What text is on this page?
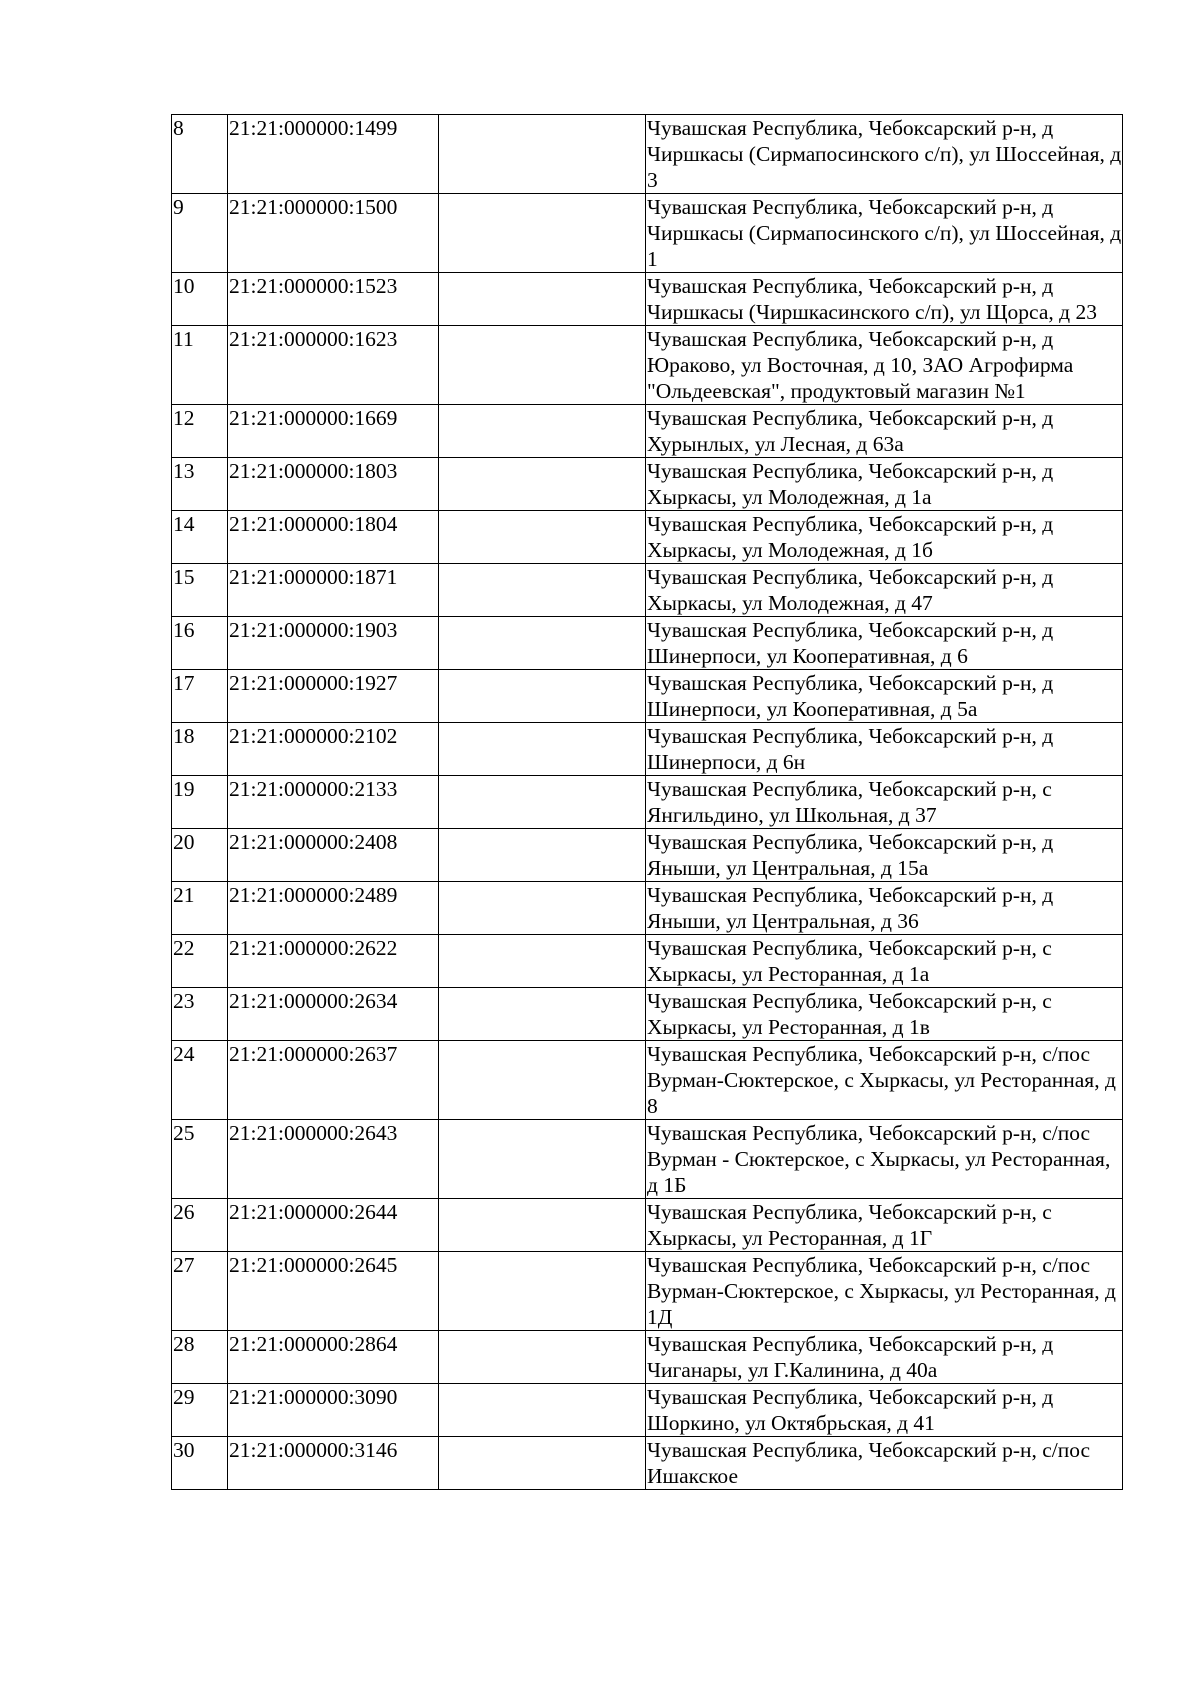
8	21:21:000000:1499		Чувашская Республика, Чебоксарский р-н, д Чиршкасы (Сирмапосинского с/п), ул Шоссейная, д 3
9	21:21:000000:1500		Чувашская Республика, Чебоксарский р-н, д Чиршкасы (Сирмапосинского с/п), ул Шоссейная, д 1
10	21:21:000000:1523		Чувашская Республика, Чебоксарский р-н, д Чиршкасы (Чиршкасинского с/п), ул Щорса, д 23
11	21:21:000000:1623		Чувашская Республика, Чебоксарский р-н, д Юраково, ул Восточная, д 10, ЗАО Агрофирма "Ольдеевская", продуктовый магазин №1
12	21:21:000000:1669		Чувашская Республика, Чебоксарский р-н, д Хурынлых, ул Лесная, д 63а
13	21:21:000000:1803		Чувашская Республика, Чебоксарский р-н, д Хыркасы, ул Молодежная, д 1а
14	21:21:000000:1804		Чувашская Республика, Чебоксарский р-н, д Хыркасы, ул Молодежная, д 1б
15	21:21:000000:1871		Чувашская Республика, Чебоксарский р-н, д Хыркасы, ул Молодежная, д 47
16	21:21:000000:1903		Чувашская Республика, Чебоксарский р-н, д Шинерпоси, ул Кооперативная, д 6
17	21:21:000000:1927		Чувашская Республика, Чебоксарский р-н, д Шинерпоси, ул Кооперативная, д 5а
18	21:21:000000:2102		Чувашская Республика, Чебоксарский р-н, д Шинерпоси, д 6н
19	21:21:000000:2133		Чувашская Республика, Чебоксарский р-н, с Янгильдино, ул Школьная, д 37
20	21:21:000000:2408		Чувашская Республика, Чебоксарский р-н, д Яныши, ул Центральная, д 15а
21	21:21:000000:2489		Чувашская Республика, Чебоксарский р-н, д Яныши, ул Центральная, д 36
22	21:21:000000:2622		Чувашская Республика, Чебоксарский р-н, с Хыркасы, ул Ресторанная, д 1а
23	21:21:000000:2634		Чувашская Республика, Чебоксарский р-н, с Хыркасы, ул Ресторанная, д 1в
24	21:21:000000:2637		Чувашская Республика, Чебоксарский р-н, с/пос Вурман-Сюктерское, с Хыркасы, ул Ресторанная, д 8
25	21:21:000000:2643		Чувашская Республика, Чебоксарский р-н, с/пос Вурман - Сюктерское, с Хыркасы, ул Ресторанная, д 1Б
26	21:21:000000:2644		Чувашская Республика, Чебоксарский р-н, с Хыркасы, ул Ресторанная, д 1Г
27	21:21:000000:2645		Чувашская Республика, Чебоксарский р-н, с/пос Вурман-Сюктерское, с Хыркасы, ул Ресторанная, д 1Д
28	21:21:000000:2864		Чувашская Республика, Чебоксарский р-н, д Чиганары, ул Г.Калинина, д 40а
29	21:21:000000:3090		Чувашская Республика, Чебоксарский р-н, д Шоркино, ул Октябрьская, д 41
30	21:21:000000:3146		Чувашская Республика, Чебоксарский р-н, с/пос Ишакское
